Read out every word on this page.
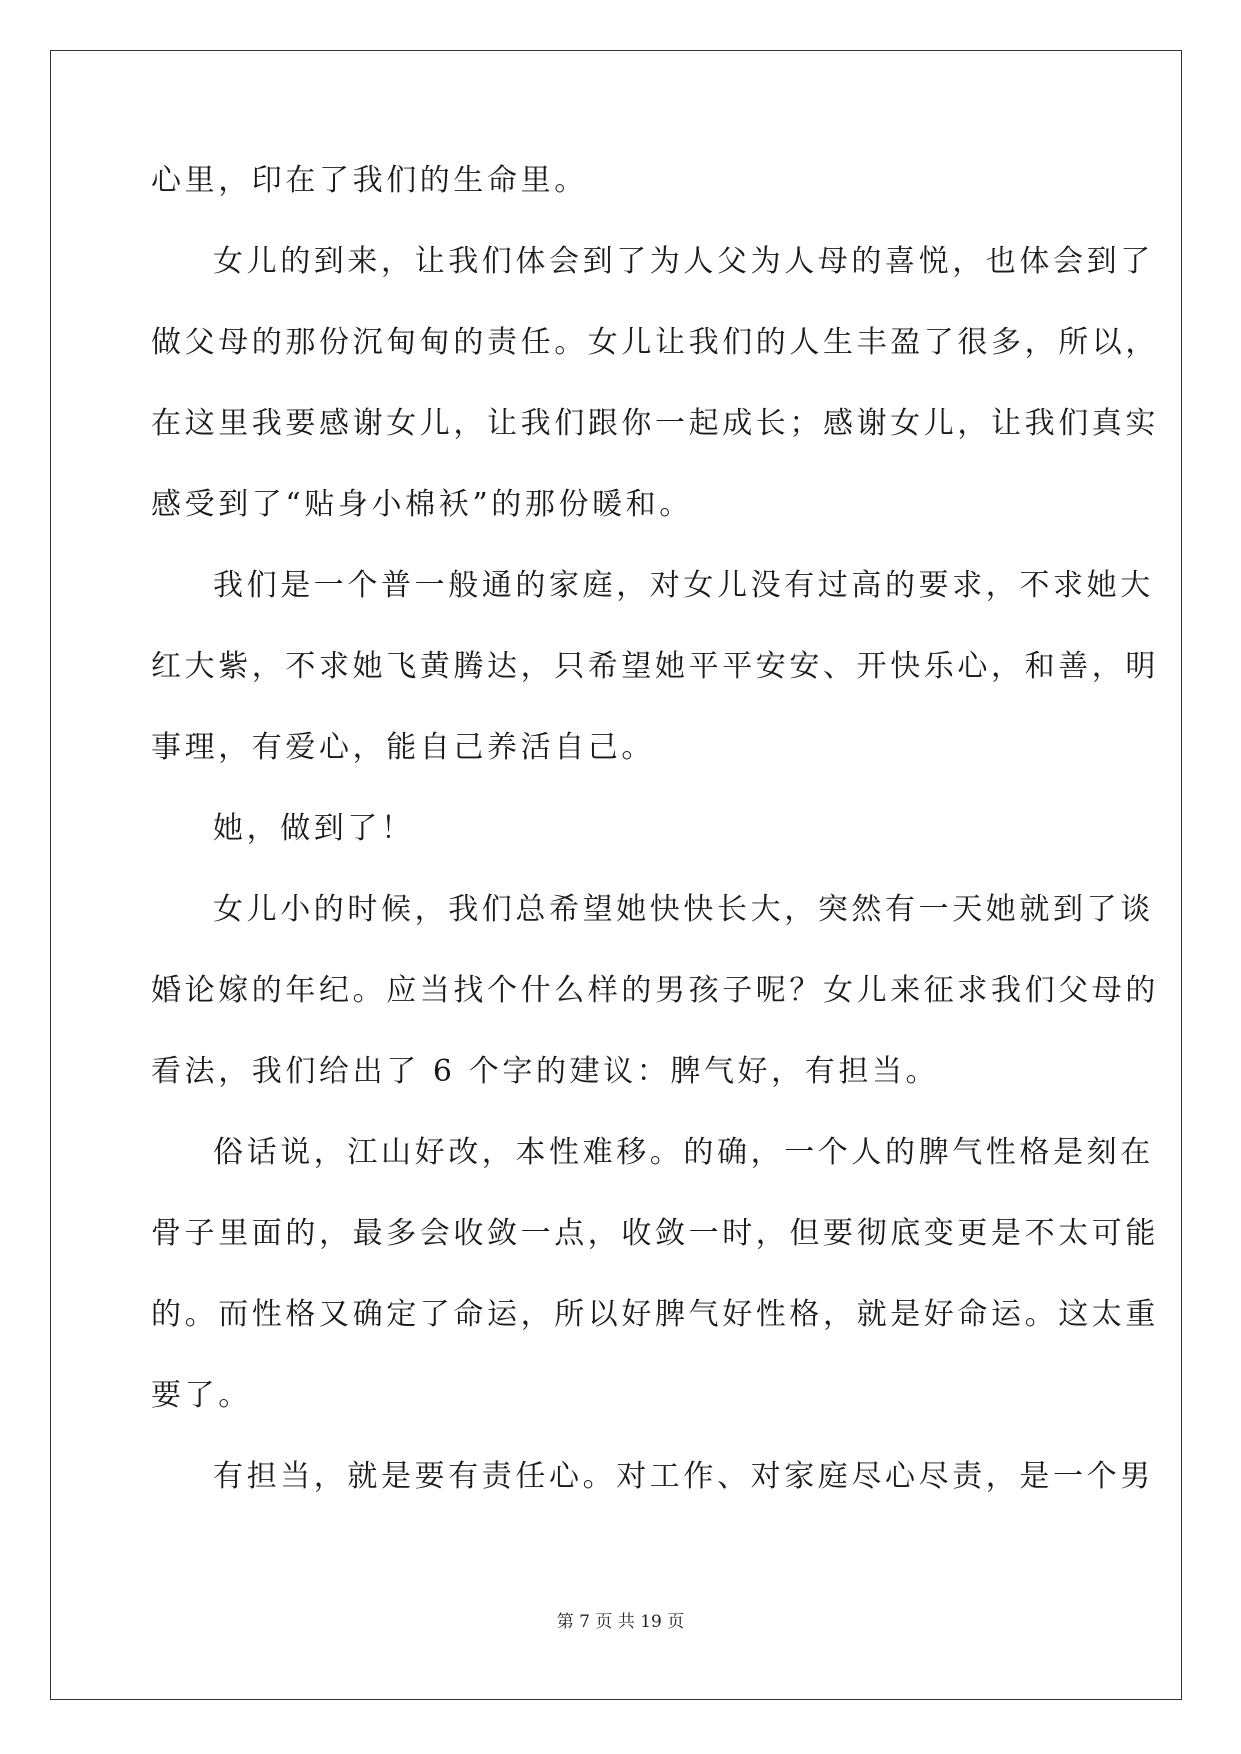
心里，印在了我们的生命里。
女儿的到来，让我们体会到了为人父为人母的喜悦，也体会到了
做父母的那份沉甸甸的责任。女儿让我们的人生丰盈了很多，所以，
在这里我要感谢女儿，让我们跟你一起成长；感谢女儿，让我们真实
感受到了“贴身小棉袄”的那份暖和。
我们是一个普一般通的家庭，对女儿没有过高的要求，不求她大
红大紫，不求她飞黄腾达，只希望她平平安安、开快乐心，和善，明
事理，有爱心，能自己养活自己。
她，做到了！
女儿小的时候，我们总希望她快快长大，突然有一天她就到了谈
婚论嫁的年纪。应当找个什么样的男孩子呢？女儿来征求我们父母的
看法，我们给出了 6 个字的建议：脾气好，有担当。
俗话说，江山好改，本性难移。的确，一个人的脾气性格是刻在
骨子里面的，最多会收敛一点，收敛一时，但要彻底变更是不太可能
的。而性格又确定了命运，所以好脾气好性格，就是好命运。这太重
要了。
有担当，就是要有责任心。对工作、对家庭尽心尽责，是一个男
第 7 页 共 19 页
